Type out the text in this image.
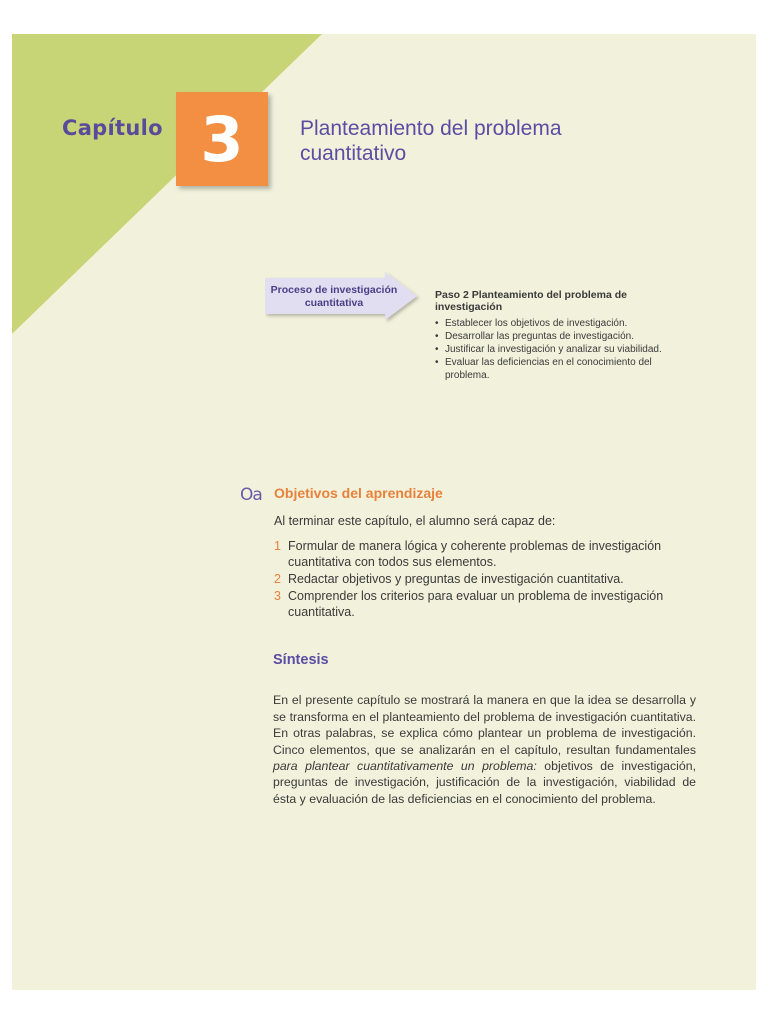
Capítulo 3	Planteamiento del problema
cuantitativo
Proceso de investigación
cuantitativa
Paso 2 Planteamiento del problema de investigación
• Establecer los objetivos de investigación.
• Desarrollar las preguntas de investigación.
• Justificar la investigación y analizar su viabilidad.
• Evaluar las deficiencias en el conocimiento del problema.
Oa Objetivos del aprendizaje
Al terminar este capítulo, el alumno será capaz de:
1 Formular de manera lógica y coherente problemas de investigación cuantitativa con todos sus elementos.
2 Redactar objetivos y preguntas de investigación cuantitativa.
3 Comprender los criterios para evaluar un problema de investigación cuantitativa.
Síntesis

En el presente capítulo se mostrará la manera en que la idea se desarrolla y se transforma en el planteamiento del problema de investigación cuantitativa. En otras palabras, se explica cómo plantear un problema de investigación. Cinco elementos, que se analizarán en el capítulo, resultan fundamentales para plantear cuantitativamente un problema: objetivos de investigación, preguntas de investigación, justificación de la investigación, viabilidad de ésta y evaluación de las deficiencias en el conocimiento del problema.
